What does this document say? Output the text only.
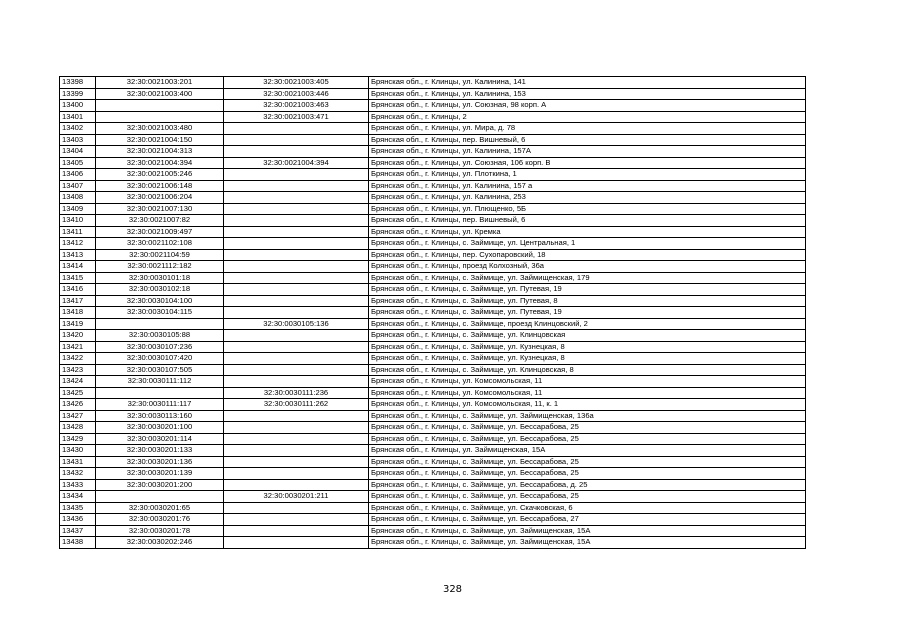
13398	32:30:0021003:201	32:30:0021003:405	Брянская обл., г. Клинцы, ул. Калинина, 141
13399	32:30:0021003:400	32:30:0021003:446	Брянская обл., г. Клинцы, ул. Калинина, 153
13400		32:30:0021003:463	Брянская обл., г. Клинцы, ул. Союзная, 98 корп. А
13401		32:30:0021003:471	Брянская обл., г. Клинцы, 2
13402	32:30:0021003:480		Брянская обл., г. Клинцы, ул. Мира, д. 78
13403	32:30:0021004:150		Брянская обл., г. Клинцы, пер. Вишневый, 6
13404	32:30:0021004:313		Брянская обл., г. Клинцы, ул. Калинина, 157А
13405	32:30:0021004:394	32:30:0021004:394	Брянская обл., г. Клинцы, ул. Союзная, 106 корп. В
13406	32:30:0021005:246		Брянская обл., г. Клинцы, ул. Плоткина, 1
13407	32:30:0021006:148		Брянская обл., г. Клинцы, ул. Калинина, 157 а
13408	32:30:0021006:204		Брянская обл., г. Клинцы, ул. Калинина, 253
13409	32:30:0021007:130		Брянская обл., г. Клинцы, ул. Плющенко, 5Б
13410	32:30:0021007:82		Брянская обл., г. Клинцы, пер. Вишневый, 6
13411	32:30:0021009:497		Брянская обл., г. Клинцы, ул. Кремка
13412	32:30:0021102:108		Брянская обл., г. Клинцы, с. Займище, ул. Центральная, 1
13413	32:30:0021104:59		Брянская обл., г. Клинцы, пер. Сухопаровский, 18
13414	32:30:0021112:182		Брянская обл., г. Клинцы, проезд Колхозный, 36а
13415	32:30:0030101:18		Брянская обл., г. Клинцы, с. Займище, ул. Займищенская, 179
13416	32:30:0030102:18		Брянская обл., г. Клинцы, с. Займище, ул. Путевая, 19
13417	32:30:0030104:100		Брянская обл., г. Клинцы, с. Займище, ул. Путевая, 8
13418	32:30:0030104:115		Брянская обл., г. Клинцы, с. Займище, ул. Путевая, 19
13419		32:30:0030105:136	Брянская обл., г. Клинцы, с. Займище, проезд Клинцовский, 2
13420	32:30:0030105:88		Брянская обл., г. Клинцы, с. Займище, ул. Клинцовская
13421	32:30:0030107:236		Брянская обл., г. Клинцы, с. Займище, ул. Кузнецкая, 8
13422	32:30:0030107:420		Брянская обл., г. Клинцы, с. Займище, ул. Кузнецкая, 8
13423	32:30:0030107:505		Брянская обл., г. Клинцы, с. Займище, ул. Клинцовская, 8
13424	32:30:0030111:112		Брянская обл., г. Клинцы, ул. Комсомольская, 11
13425		32:30:0030111:236	Брянская обл., г. Клинцы, ул. Комсомольская, 11
13426	32:30:0030111:117	32:30:0030111:262	Брянская обл., г. Клинцы, ул. Комсомольская, 11, к. 1
13427	32:30:0030113:160		Брянская обл., г. Клинцы, с. Займище, ул. Займищенская, 136а
13428	32:30:0030201:100		Брянская обл., г. Клинцы, с. Займище, ул. Бессарабова, 25
13429	32:30:0030201:114		Брянская обл., г. Клинцы, с. Займище, ул. Бессарабова, 25
13430	32:30:0030201:133		Брянская обл., г. Клинцы, ул. Займищенская, 15А
13431	32:30:0030201:136		Брянская обл., г. Клинцы, с. Займище, ул. Бессарабова, 25
13432	32:30:0030201:139		Брянская обл., г. Клинцы, с. Займище, ул. Бессарабова, 25
13433	32:30:0030201:200		Брянская обл., г. Клинцы, с. Займище, ул. Бессарабова, д. 25
13434		32:30:0030201:211	Брянская обл., г. Клинцы, с. Займище, ул. Бессарабова, 25
13435	32:30:0030201:65		Брянская обл., г. Клинцы, с. Займище, ул. Скачковская, 6
13436	32:30:0030201:76		Брянская обл., г. Клинцы, с. Займище, ул. Бессарабова, 27
13437	32:30:0030201:78		Брянская обл., г. Клинцы, с. Займище, ул. Займищенская, 15А
13438	32:30:0030202:246		Брянская обл., г. Клинцы, с. Займище, ул. Займищенская, 15А
328
